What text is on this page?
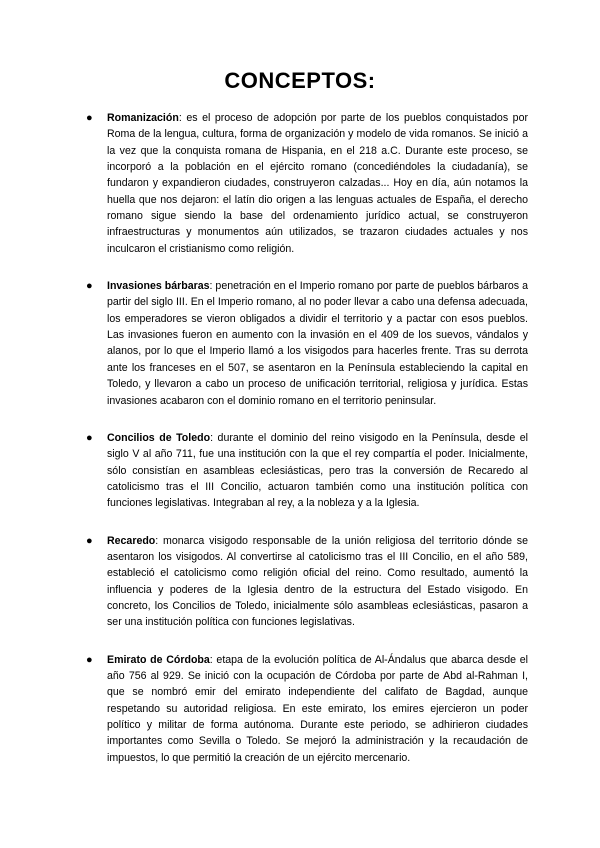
CONCEPTOS:
● Romanización: es el proceso de adopción por parte de los pueblos conquistados por Roma de la lengua, cultura, forma de organización y modelo de vida romanos. Se inició a la vez que la conquista romana de Hispania, en el 218 a.C. Durante este proceso, se incorporó a la población en el ejército romano (concediéndoles la ciudadanía), se fundaron y expandieron ciudades, construyeron calzadas... Hoy en día, aún notamos la huella que nos dejaron: el latín dio origen a las lenguas actuales de España, el derecho romano sigue siendo la base del ordenamiento jurídico actual, se construyeron infraestructuras y monumentos aún utilizados, se trazaron ciudades actuales y nos inculcaron el cristianismo como religión.
● Invasiones bárbaras: penetración en el Imperio romano por parte de pueblos bárbaros a partir del siglo III. En el Imperio romano, al no poder llevar a cabo una defensa adecuada, los emperadores se vieron obligados a dividir el territorio y a pactar con esos pueblos. Las invasiones fueron en aumento con la invasión en el 409 de los suevos, vándalos y alanos, por lo que el Imperio llamó a los visigodos para hacerles frente. Tras su derrota ante los franceses en el 507, se asentaron en la Península estableciendo la capital en Toledo, y llevaron a cabo un proceso de unificación territorial, religiosa y jurídica. Estas invasiones acabaron con el dominio romano en el territorio peninsular.
● Concilios de Toledo: durante el dominio del reino visigodo en la Península, desde el siglo V al año 711, fue una institución con la que el rey compartía el poder. Inicialmente, sólo consistían en asambleas eclesiásticas, pero tras la conversión de Recaredo al catolicismo tras el III Concilio, actuaron también como una institución política con funciones legislativas. Integraban al rey, a la nobleza y a la Iglesia.
● Recaredo: monarca visigodo responsable de la unión religiosa del territorio dónde se asentaron los visigodos. Al convertirse al catolicismo tras el III Concilio, en el año 589, estableció el catolicismo como religión oficial del reino. Como resultado, aumentó la influencia y poderes de la Iglesia dentro de la estructura del Estado visigodo. En concreto, los Concilios de Toledo, inicialmente sólo asambleas eclesiásticas, pasaron a ser una institución política con funciones legislativas.
● Emirato de Córdoba: etapa de la evolución política de Al-Ándalus que abarca desde el año 756 al 929. Se inició con la ocupación de Córdoba por parte de Abd al-Rahman I, que se nombró emir del emirato independiente del califato de Bagdad, aunque respetando su autoridad religiosa. En este emirato, los emires ejercieron un poder político y militar de forma autónoma. Durante este periodo, se adhirieron ciudades importantes como Sevilla o Toledo. Se mejoró la administración y la recaudación de impuestos, lo que permitió la creación de un ejército mercenario.
